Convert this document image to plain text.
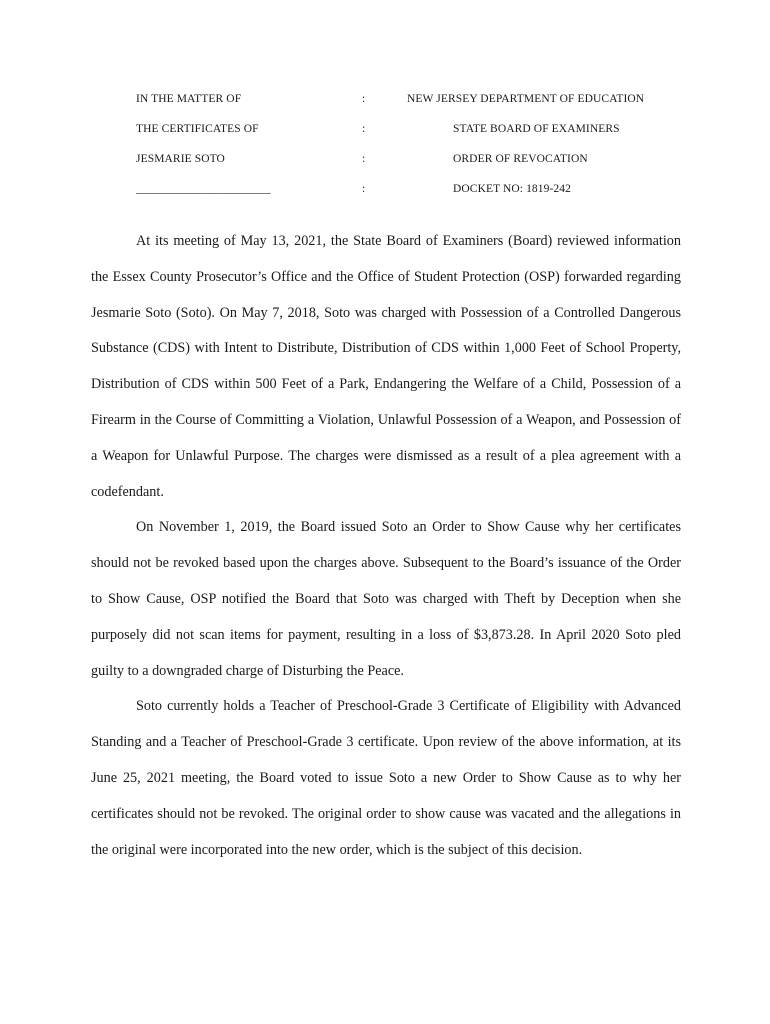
IN THE MATTER OF	:	NEW JERSEY DEPARTMENT OF EDUCATION
THE CERTIFICATES OF	:	STATE BOARD OF EXAMINERS
JESMARIE SOTO	:	ORDER OF REVOCATION
_______________________	:	DOCKET NO: 1819-242

At its meeting of May 13, 2021, the State Board of Examiners (Board) reviewed information the Essex County Prosecutor’s Office and the Office of Student Protection (OSP) forwarded regarding Jesmarie Soto (Soto). On May 7, 2018, Soto was charged with Possession of a Controlled Dangerous Substance (CDS) with Intent to Distribute, Distribution of CDS within 1,000 Feet of School Property, Distribution of CDS within 500 Feet of a Park, Endangering the Welfare of a Child, Possession of a Firearm in the Course of Committing a Violation, Unlawful Possession of a Weapon, and Possession of a Weapon for Unlawful Purpose. The charges were dismissed as a result of a plea agreement with a codefendant.

On November 1, 2019, the Board issued Soto an Order to Show Cause why her certificates should not be revoked based upon the charges above. Subsequent to the Board’s issuance of the Order to Show Cause, OSP notified the Board that Soto was charged with Theft by Deception when she purposely did not scan items for payment, resulting in a loss of $3,873.28. In April 2020 Soto pled guilty to a downgraded charge of Disturbing the Peace.

Soto currently holds a Teacher of Preschool-Grade 3 Certificate of Eligibility with Advanced Standing and a Teacher of Preschool-Grade 3 certificate. Upon review of the above information, at its June 25, 2021 meeting, the Board voted to issue Soto a new Order to Show Cause as to why her certificates should not be revoked. The original order to show cause was vacated and the allegations in the original were incorporated into the new order, which is the subject of this decision.
